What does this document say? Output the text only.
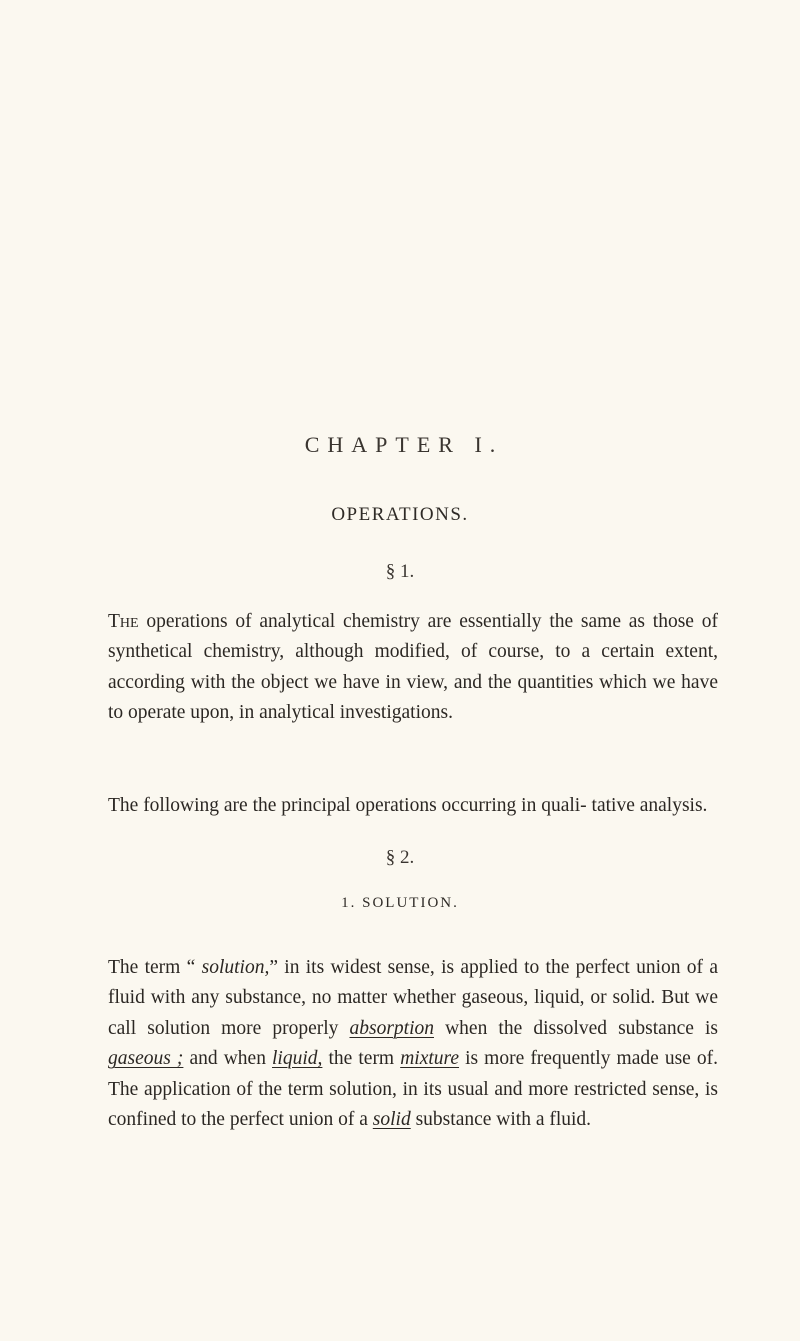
CHAPTER I.
OPERATIONS.
§ 1.

The operations of analytical chemistry are essentially the same as those of synthetical chemistry, although modified, of course, to a certain extent, according with the object we have in view, and the quantities which we have to operate upon, in analytical investigations.

The following are the principal operations occurring in quali- tative analysis.

§ 2.
1. SOLUTION.

The term “ solution,” in its widest sense, is applied to the perfect union of a fluid with any substance, no matter whether gaseous, liquid, or solid. But we call solution more properly absorption when the dissolved substance is gaseous ; and when liquid, the term mixture is more frequently made use of. The application of the term solution, in its usual and more restricted sense, is confined to the perfect union of a solid substance with a fluid.
